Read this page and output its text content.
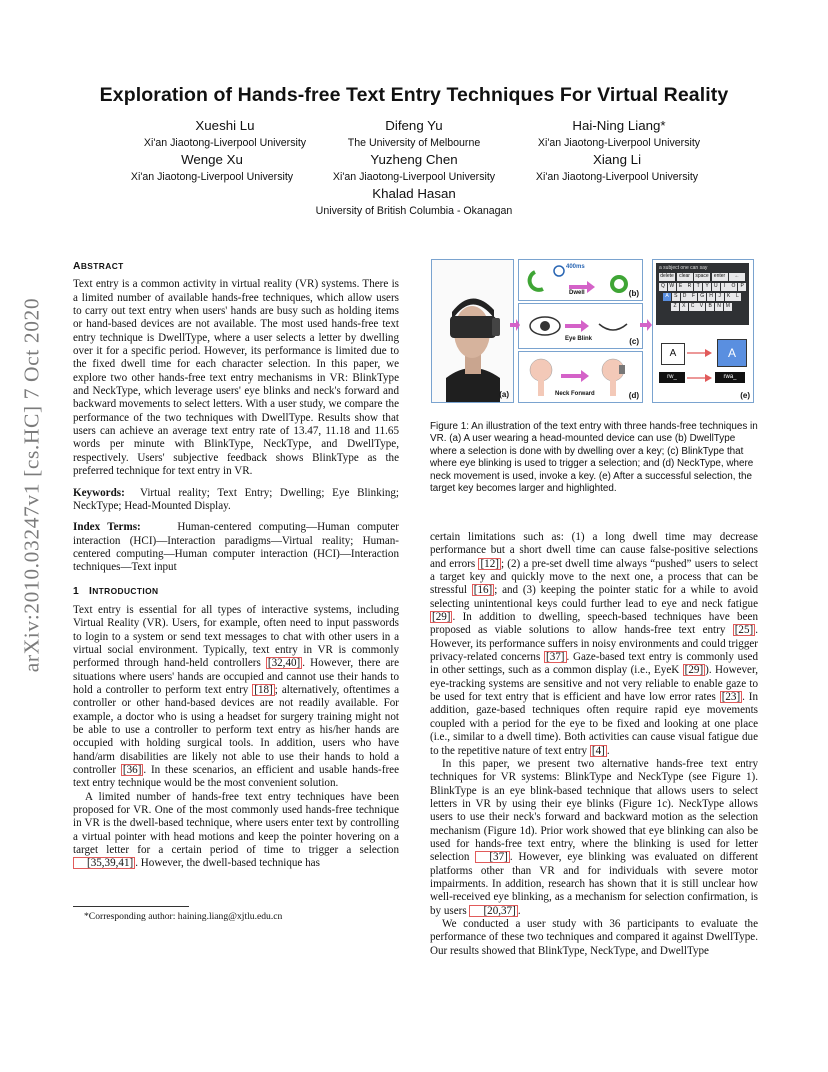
arXiv:2010.03247v1 [cs.HC] 7 Oct 2020
Exploration of Hands-free Text Entry Techniques For Virtual Reality
Xueshi Lu
Xi'an Jiaotong-Liverpool University
Difeng Yu
The University of Melbourne
Hai-Ning Liang*
Xi'an Jiaotong-Liverpool University
Wenge Xu
Xi'an Jiaotong-Liverpool University
Yuzheng Chen
Xi'an Jiaotong-Liverpool University
Xiang Li
Xi'an Jiaotong-Liverpool University
Khalad Hasan
University of British Columbia - Okanagan
ABSTRACT

Text entry is a common activity in virtual reality (VR) systems. There is a limited number of available hands-free techniques, which allow users to carry out text entry when users' hands are busy such as holding items or hand-based devices are not available. The most used hands-free text entry technique is DwellType, where a user selects a letter by dwelling over it for a specific period. However, its performance is limited due to the fixed dwell time for each character selection. In this paper, we explore two other hands-free text entry mechanisms in VR: BlinkType and NeckType, which leverage users' eye blinks and neck's forward and backward movements to select letters. With a user study, we compare the performance of the two techniques with DwellType. Results show that users can achieve an average text entry rate of 13.47, 11.18 and 11.65 words per minute with BlinkType, NeckType, and DwellType, respectively. Users' subjective feedback shows BlinkType as the preferred technique for text entry in VR.

Keywords: Virtual reality; Text Entry; Dwelling; Eye Blinking; NeckType; Head-Mounted Display.

Index Terms:	Human-centered computing—Human computer interaction (HCI)—Interaction paradigms—Virtual reality; Human-centered computing—Human computer interaction (HCI)—Interaction techniques—Text input

1 INTRODUCTION

Text entry is essential for all types of interactive systems, including Virtual Reality (VR). Users, for example, often need to input passwords to login to a system or send text messages to chat with other users in a virtual social environment. Typically, text entry in VR is commonly performed through hand-held controllers [32,40] . However, there are situations where users' hands are occupied and cannot use their hands to hold a controller to perform text entry [18] ; alternatively, oftentimes a controller or other hand-based devices are not readily available. For example, a doctor who is using a headset for surgery training might not be able to use a controller to perform text entry as his/her hands are occupied with holding surgical tools. In addition, users who have hand/arm disabilities are likely not able to use their hands to hold a controller [36] . In these scenarios, an efficient and usable hands-free text entry technique would be the most convenient solution.

A limited number of hands-free text entry techniques have been proposed for VR. One of the most commonly used hands-free technique in VR is the dwell-based technique, where users enter text by controlling a virtual pointer with head motions and keep the pointer hovering on a target letter for a certain period of time to trigger a selection [35,39,41] . However, the dwell-based technique has

*Corresponding author: haining.liang@xjtlu.edu.cn
(a)
400ms
Dwell	(b)
Eye Blink	(c)
Neck Forward	(d)
a subject one can say
delete	clear	space	enter	←
Q W E	R	T	Y	U	I	O	P
A	S	D	F	G	H	J	K	L
Z	X	C	V	B	N M
A	A
rw_	rwa_
(e)
Figure 1: An illustration of the text entry with three hands-free techniques in VR. (a) A user wearing a head-mounted device can use (b) DwellType where a selection is done with by dwelling over a key; (c) BlinkType that where eye blinking is used to trigger a selection; and (d) NeckType, where neck movement is used, invoke a key. (e) After a successful selection, the target key becomes larger and highlighted.

certain limitations such as: (1) a long dwell time may decrease performance but a short dwell time can cause false-positive selections and errors [12] ; (2) a pre-set dwell time always “pushed” users to select a target key and quickly move to the next one, a process that can be stressful [16] ; and (3) keeping the pointer static for a while to avoid selecting unintentional keys could further lead to eye and neck fatigue [29] . In addition to dwelling, speech-based techniques have been proposed as viable solutions to allow hands-free text entry [25] . However, its performance suffers in noisy environments and could trigger privacy-related concerns [37] . Gaze-based text entry is commonly used in other settings, such as a common display (i.e., EyeK [29] ). However, eye-tracking systems are sensitive and not very reliable to enable gaze to be used for text entry that is efficient and have low error rates [23] . In addition, gaze-based techniques often require rapid eye movements coupled with a period for the eye to be fixed and looking at one place (i.e., similar to a dwell time). Both activities can cause visual fatigue due to the repetitive nature of text entry [4] .

In this paper, we present two alternative hands-free text entry techniques for VR systems: BlinkType and NeckType (see Figure 1). BlinkType is an eye blink-based technique that allows users to select letters in VR by using their eye blinks (Figure 1c). NeckType allows users to use their neck's forward and backward motion as the selection mechanism (Figure 1d). Prior work showed that eye blinking can also be used for hands-free text entry, where the blinking is used for letter selection [37] . However, eye blinking was evaluated on different platforms other than VR and for individuals with severe motor impairments. In addition, research has shown that it is still unclear how well-received eye blinking, as a mechanism for selection confirmation, is by users [20,37] .

We conducted a user study with 36 participants to evaluate the performance of these two techniques and compared it against DwellType. Our results showed that BlinkType, NeckType, and DwellType
